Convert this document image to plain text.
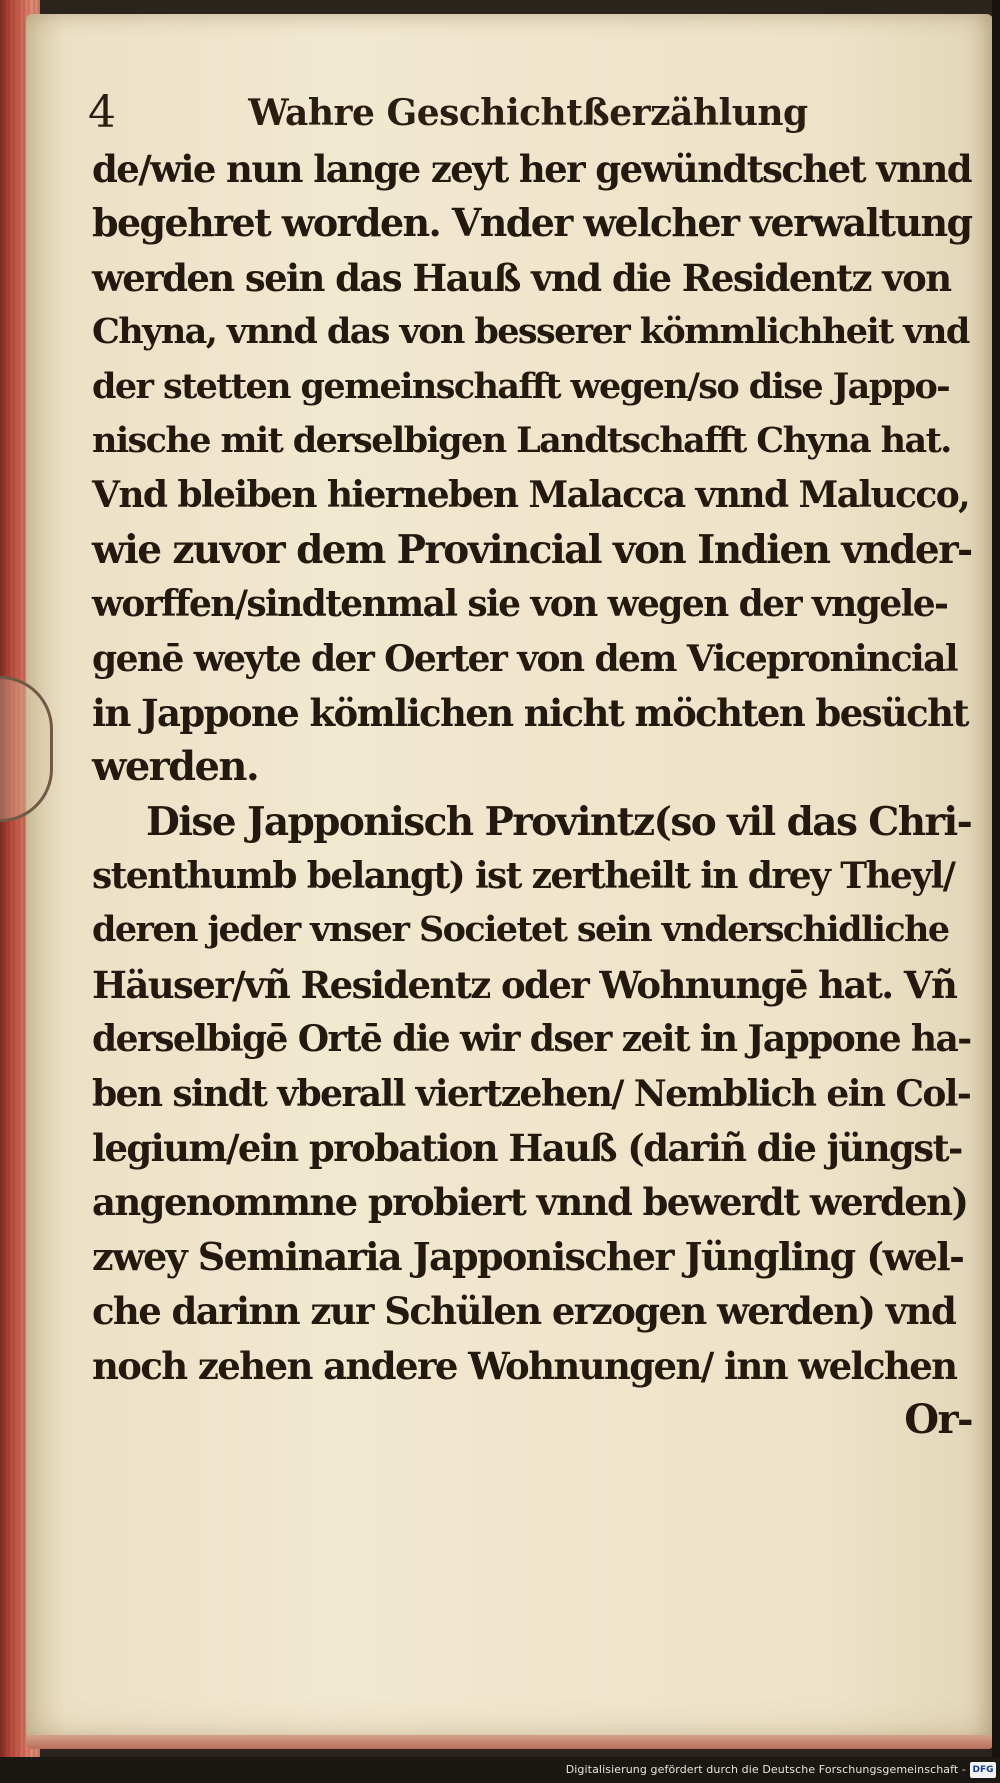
4	Wahre Geschichtßerzählung
de/wie nun lange zeyt her gewündtschet vnnd
begehret worden. Vnder welcher verwaltung
werden sein das Hauß vnd die Residentz von
Chyna, vnnd das von besserer kömmlichheit vnd
der stetten gemeinschafft wegen/so dise Jappo-
nische mit derselbigen Landtschafft Chyna hat.
Vnd bleiben hierneben Malacca vnnd Malucco,
wie zuvor dem Provincial von Indien vnder-
worffen/sindtenmal sie von wegen der vngele-
genē weyte der Oerter von dem Vicepronincial
in Jappone kömlichen nicht möchten besücht
werden.
Dise Japponisch Provintz(so vil das Chri-
stenthumb belangt) ist zertheilt in drey Theyl/
deren jeder vnser Societet sein vnderschidliche
Häuser/vñ Residentz oder Wohnungē hat. Vñ
derselbigē Ortē die wir dser zeit in Jappone ha-
ben sindt vberall viertzehen/ Nemblich ein Col-
legium/ein probation Hauß (dariñ die jüngst-
angenommne probiert vnnd bewerdt werden)
zwey Seminaria Japponischer Jüngling (wel-
che darinn zur Schülen erzogen werden) vnd
noch zehen andere Wohnungen/ inn welchen
Or-
Digitalisierung gefördert durch die Deutsche Forschungsgemeinschaft - DFG
